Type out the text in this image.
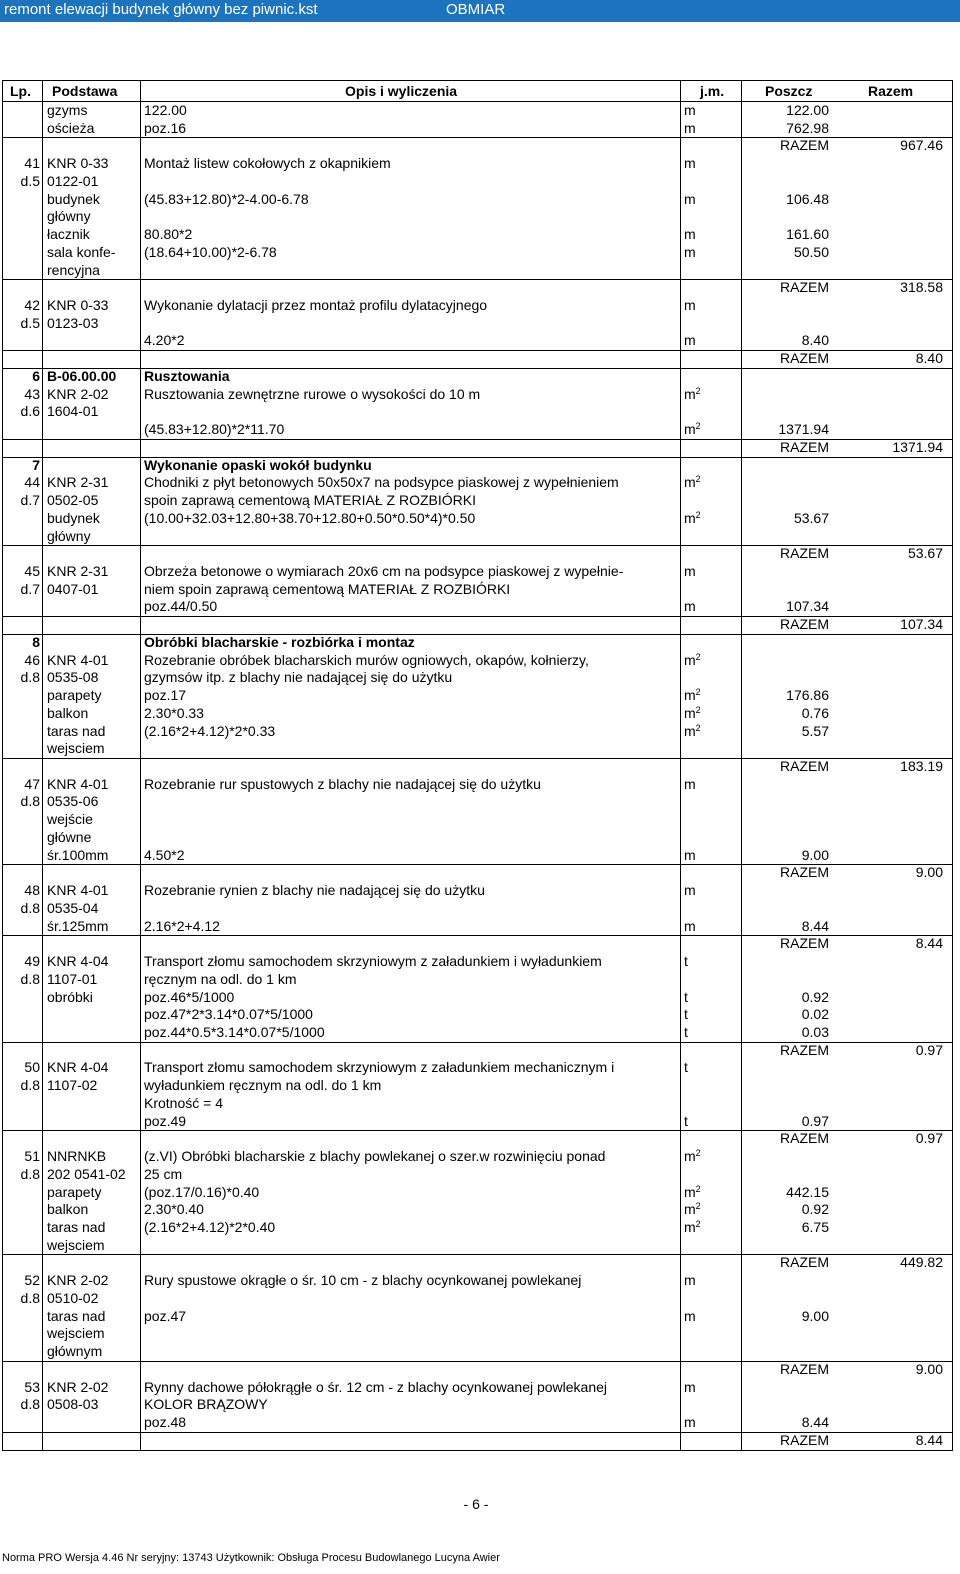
remont elewacji budynek główny bez piwnic.kst	OBMIAR
Lp. Podstawa	Opis i wyliczenia	j.m.	Poszcz	Razem
gzyms	122.00	m	122.00
ościeża	poz.16	m	762.98
RAZEM	967.46
41 KNR 0-33	Montaż listew cokołowych z okapnikiem	m
d.5 0122-01
budynek	(45.83+12.80)*2-4.00-6.78	m	106.48
główny
łacznik	80.80*2	m	161.60
sala konfe-	(18.64+10.00)*2-6.78	m	50.50
rencyjna
RAZEM	318.58
42 KNR 0-33	Wykonanie dylatacji przez montaż profilu dylatacyjnego	m
d.5 0123-03
4.20*2	m	8.40
RAZEM	8.40
6 B-06.00.00	Rusztowania
43 KNR 2-02	Rusztowania zewnętrzne rurowe o wysokości do 10 m	$m^2$
d.6 1604-01
(45.83+12.80)*2*11.70	$m^2$	1371.94
RAZEM	1371.94
7	Wykonanie opaski wokół budynku
44 KNR 2-31	Chodniki z płyt betonowych 50x50x7 na podsypce piaskowej z wypełnieniem	$m^2$
d.7 0502-05	spoin zaprawą cementową MATERIAŁ Z ROZBIÓRKI
budynek	(10.00+32.03+12.80+38.70+12.80+0.50*0.50*4)*0.50	$m^2$	53.67
główny
RAZEM	53.67
45 KNR 2-31	Obrzeża betonowe o wymiarach 20x6 cm na podsypce piaskowej z wypełnie-	m
d.7 0407-01	niem spoin zaprawą cementową MATERIAŁ Z ROZBIÓRKI
poz.44/0.50	m	107.34
RAZEM	107.34
8	Obróbki blacharskie - rozbiórka i montaz
46 KNR 4-01	Rozebranie obróbek blacharskich murów ogniowych, okapów, kołnierzy,	$m^2$
d.8 0535-08	gzymsów itp. z blachy nie nadającej się do użytku
parapety	poz.17	$m^2$	176.86
balkon	2.30*0.33	$m^2$	0.76
taras nad	(2.16*2+4.12)*2*0.33	$m^2$	5.57
wejsciem
RAZEM	183.19
47 KNR 4-01	Rozebranie rur spustowych z blachy nie nadającej się do użytku	m
d.8 0535-06
wejście
główne
śr.100mm	4.50*2	m	9.00
RAZEM	9.00
48 KNR 4-01	Rozebranie rynien z blachy nie nadającej się do użytku	m
d.8 0535-04
śr.125mm	2.16*2+4.12	m	8.44
RAZEM	8.44
49 KNR 4-04	Transport złomu samochodem skrzyniowym z załadunkiem i wyładunkiem	t
d.8 1107-01	ręcznym na odl. do 1 km
obróbki	poz.46*5/1000	t	0.92
poz.47*2*3.14*0.07*5/1000	t	0.02
poz.44*0.5*3.14*0.07*5/1000	t	0.03
RAZEM	0.97
50 KNR 4-04	Transport złomu samochodem skrzyniowym z załadunkiem mechanicznym i	t
d.8 1107-02	wyładunkiem ręcznym na odl. do 1 km
Krotność = 4
poz.49	t	0.97
RAZEM	0.97
51 NNRNKB	(z.VI) Obróbki blacharskie z blachy powlekanej o szer.w rozwinięciu ponad	$m^2$
d.8 202 0541-02	25 cm
parapety	(poz.17/0.16)*0.40	$m^2$	442.15
balkon	2.30*0.40	$m^2$	0.92
taras nad	(2.16*2+4.12)*2*0.40	$m^2$	6.75
wejsciem
RAZEM	449.82
52 KNR 2-02	Rury spustowe okrągłe o śr. 10 cm - z blachy ocynkowanej powlekanej	m
d.8 0510-02
taras nad	poz.47	m	9.00
wejsciem
głównym
RAZEM	9.00
53 KNR 2-02	Rynny dachowe półokrągłe o śr. 12 cm - z blachy ocynkowanej powlekanej	m
d.8 0508-03	KOLOR BRĄZOWY
poz.48	m	8.44
RAZEM	8.44
- 6 -
Norma PRO Wersja 4.46 Nr seryjny: 13743 Użytkownik: Obsługa Procesu Budowlanego Lucyna Awier
